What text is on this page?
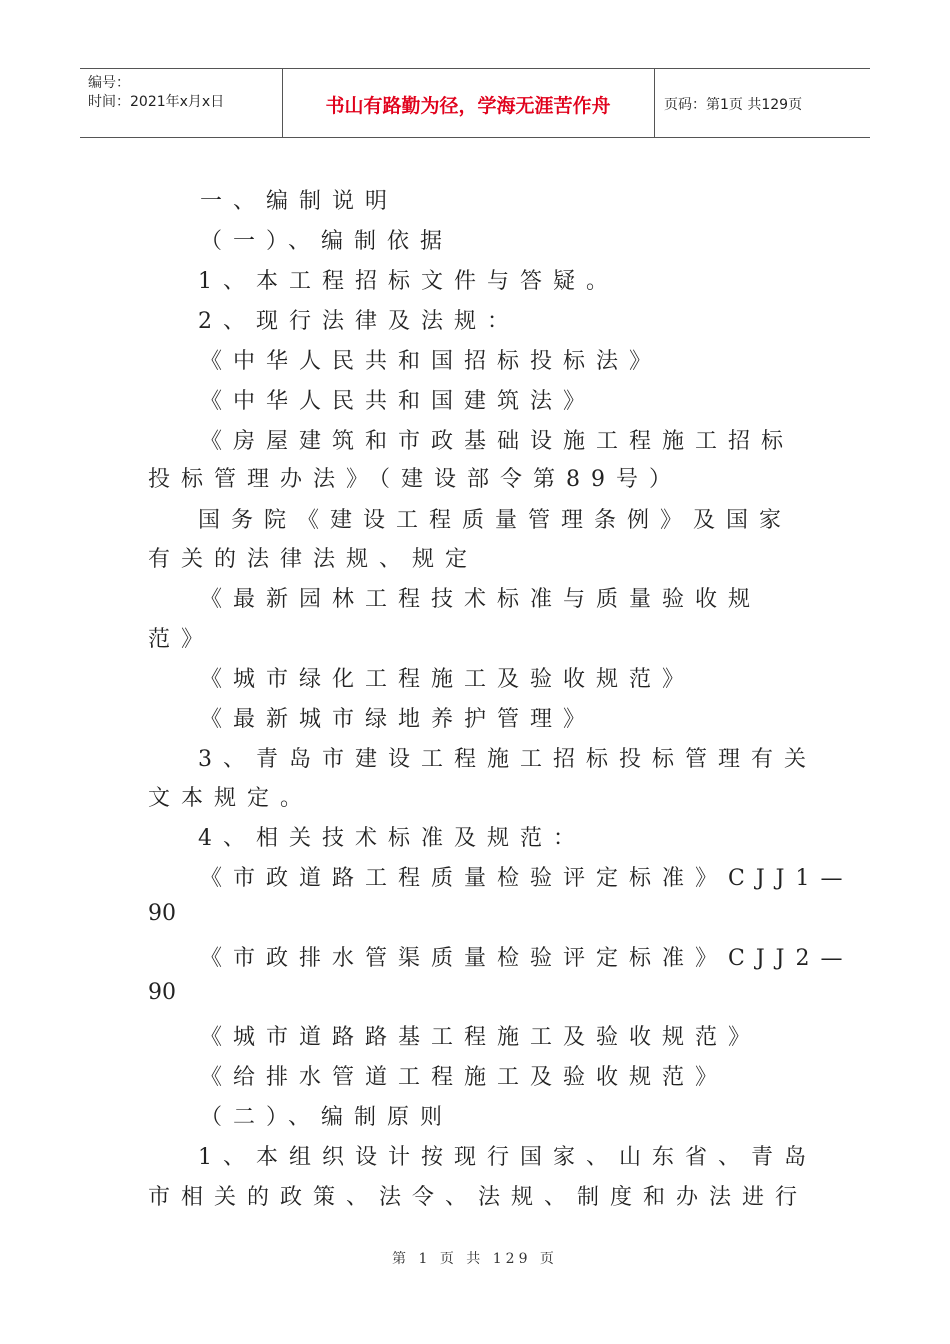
编号：
时间：2021年x月x日	书山有路勤为径，学海无涯苦作舟	页码：第1页 共129页
一、编制说明
（一）、编制依据
1、本工程招标文件与答疑。
2、现行法律及法规：
《中华人民共和国招标投标法》
《中华人民共和国建筑法》
《房屋建筑和市政基础设施工程施工招标
投标管理办法》（建设部令第89号）
国务院《建设工程质量管理条例》及国家
有关的法律法规、规定
《最新园林工程技术标准与质量验收规
范》
《城市绿化工程施工及验收规范》
《最新城市绿地养护管理》
3、青岛市建设工程施工招标投标管理有关
文本规定。
4、相关技术标准及规范：
《市政道路工程质量检验评定标准》CJJ1—
90
《市政排水管渠质量检验评定标准》CJJ2—
90
《城市道路路基工程施工及验收规范》
《给排水管道工程施工及验收规范》
（二）、编制原则
1、本组织设计按现行国家、山东省、青岛
市相关的政策、法令、法规、制度和办法进行
第 1 页 共 129 页
